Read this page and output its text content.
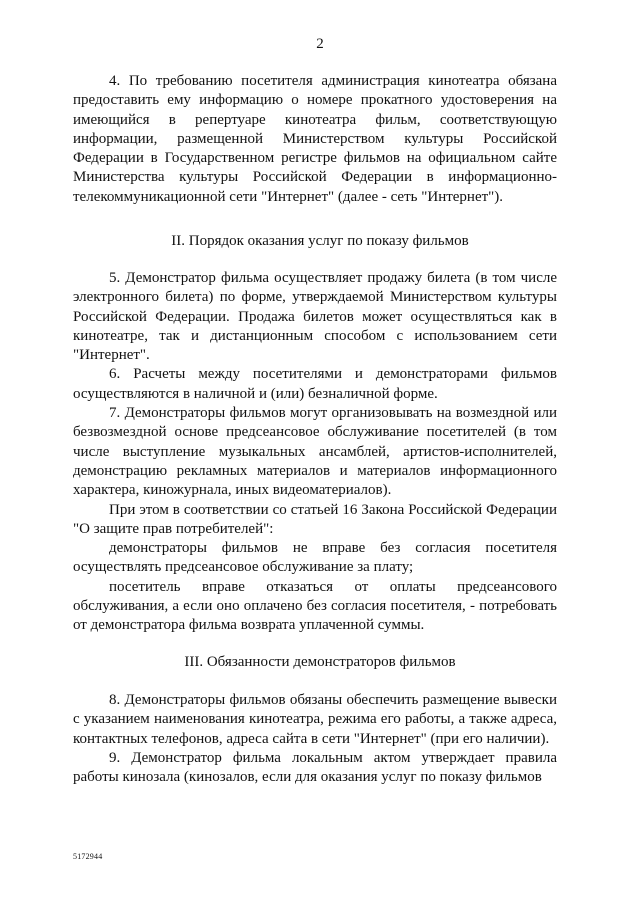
2

4. По требованию посетителя администрация кинотеатра обязана предоставить ему информацию о номере прокатного удостоверения на имеющийся в репертуаре кинотеатра фильм, соответствующую информации, размещенной Министерством культуры Российской Федерации в Государственном регистре фильмов на официальном сайте Министерства культуры Российской Федерации в информационно-телекоммуникационной сети "Интернет" (далее - сеть "Интернет").

II. Порядок оказания услуг по показу фильмов

5. Демонстратор фильма осуществляет продажу билета (в том числе электронного билета) по форме, утверждаемой Министерством культуры Российской Федерации. Продажа билетов может осуществляться как в кинотеатре, так и дистанционным способом с использованием сети "Интернет".

6. Расчеты между посетителями и демонстраторами фильмов осуществляются в наличной и (или) безналичной форме.

7. Демонстраторы фильмов могут организовывать на возмездной или безвозмездной основе предсеансовое обслуживание посетителей (в том числе выступление музыкальных ансамблей, артистов-исполнителей, демонстрацию рекламных материалов и материалов информационного характера, киножурнала, иных видеоматериалов).

При этом в соответствии со статьей 16 Закона Российской Федерации "О защите прав потребителей":

демонстраторы фильмов не вправе без согласия посетителя осуществлять предсеансовое обслуживание за плату;

посетитель вправе отказаться от оплаты предсеансового обслуживания, а если оно оплачено без согласия посетителя, - потребовать от демонстратора фильма возврата уплаченной суммы.

III. Обязанности демонстраторов фильмов

8. Демонстраторы фильмов обязаны обеспечить размещение вывески с указанием наименования кинотеатра, режима его работы, а также адреса, контактных телефонов, адреса сайта в сети "Интернет" (при его наличии).

9. Демонстратор фильма локальным актом утверждает правила работы кинозала (кинозалов, если для оказания услуг по показу фильмов

5172944
